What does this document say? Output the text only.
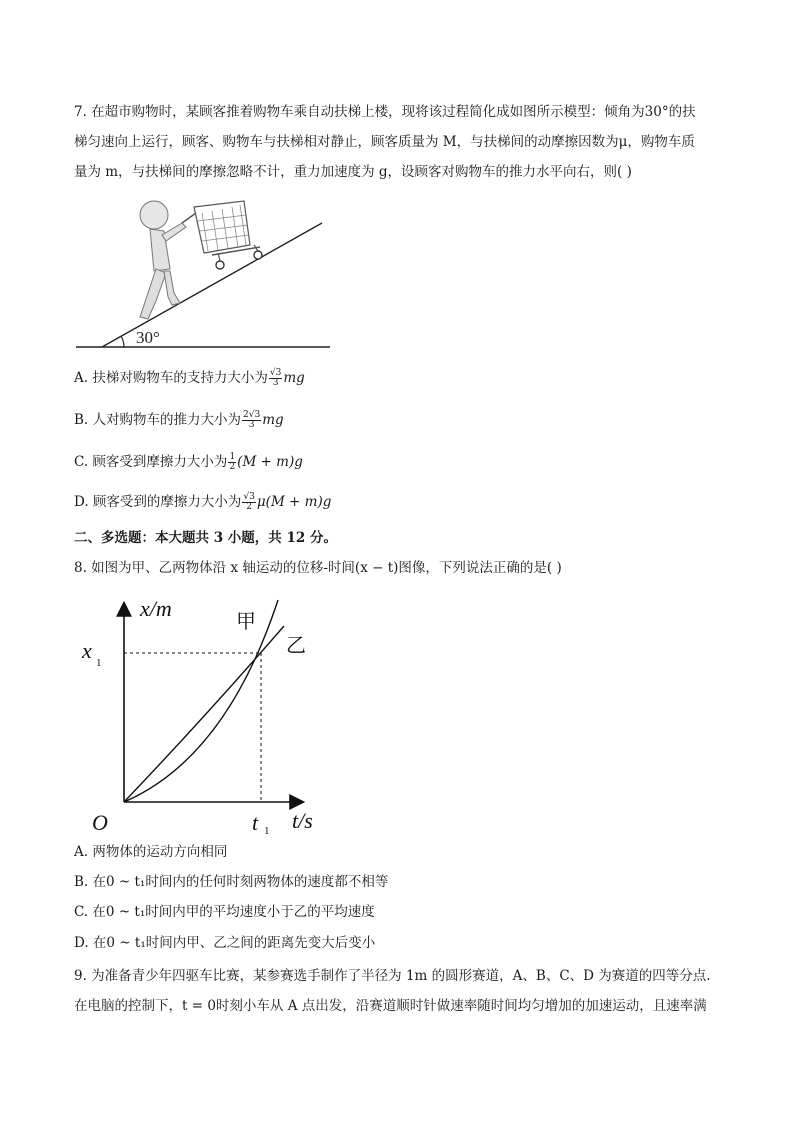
7. 在超市购物时，某顾客推着购物车乘自动扶梯上楼，现将该过程简化成如图所示模型：倾角为30°的扶
梯匀速向上运行，顾客、购物车与扶梯相对静止，顾客质量为 M，与扶梯间的动摩擦因数为μ，购物车质
量为 m，与扶梯间的摩擦忽略不计，重力加速度为 g，设顾客对购物车的推力水平向右，则( )
30°
A. 扶梯对购物车的支持力大小为 $\frac{√3}{3}$ mg
B. 人对购物车的推力大小为 $\frac{2√3}{3}$ mg
C. 顾客受到摩擦力大小为 $\frac{1}{2} (M + m)g$
D. 顾客受到的摩擦力大小为 $\frac{√3}{2} \mu(M + m)g$
二、多选题：本大题共 3 小题，共 12 分。
8. 如图为甲、乙两物体沿 x 轴运动的位移-时间(x − t)图像，下列说法正确的是( )
x/m
t/s
O
x 1
t 1
甲
乙
A. 两物体的运动方向相同
B. 在0 ~ t₁时间内的任何时刻两物体的速度都不相等
C. 在0 ~ t₁时间内甲的平均速度小于乙的平均速度
D. 在0 ~ t₁时间内甲、乙之间的距离先变大后变小
9. 为准备青少年四驱车比赛，某参赛选手制作了半径为 1m 的圆形赛道，A、B、C、D 为赛道的四等分点.
在电脑的控制下，t = 0时刻小车从 A 点出发，沿赛道顺时针做速率随时间均匀增加的加速运动，且速率满
